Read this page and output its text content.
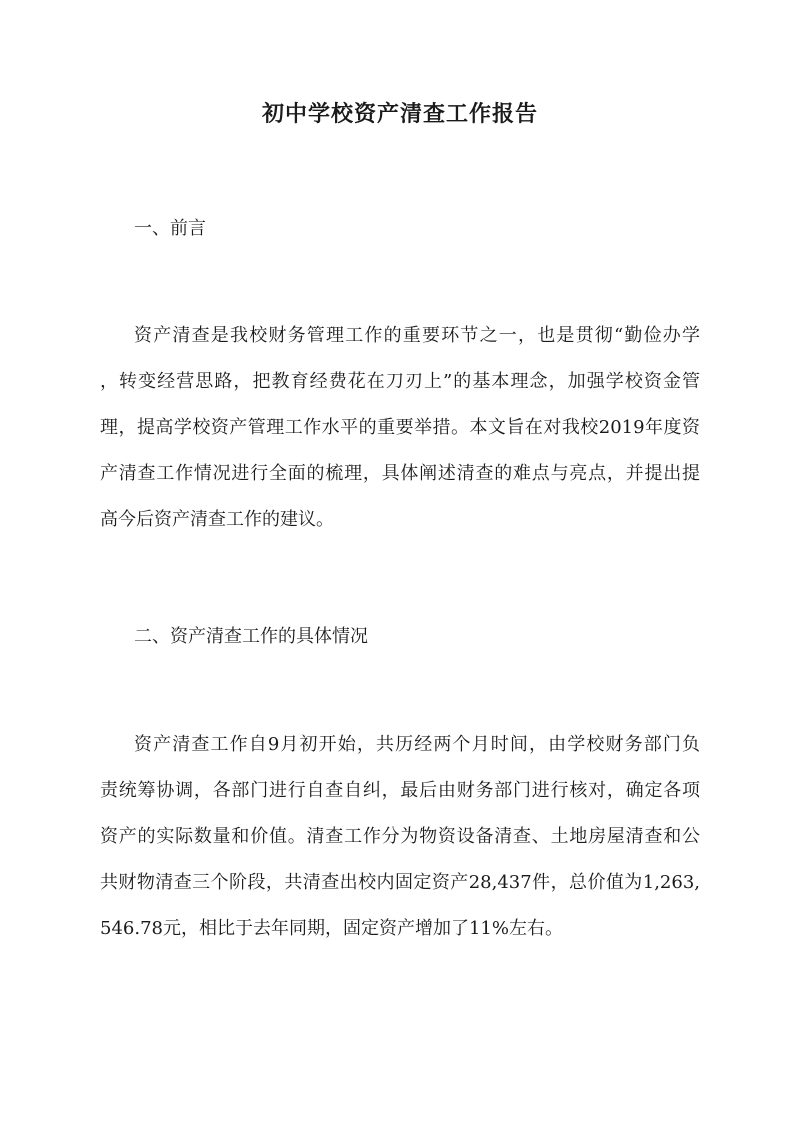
初中学校资产清查工作报告
一、前言
资产清查是我校财务管理工作的重要环节之一，也是贯彻“勤俭办学
，转变经营思路，把教育经费花在刀刃上”的基本理念，加强学校资金管
理，提高学校资产管理工作水平的重要举措。本文旨在对我校2019年度资
产清查工作情况进行全面的梳理，具体阐述清查的难点与亮点，并提出提
高今后资产清查工作的建议。
二、资产清查工作的具体情况
资产清查工作自9月初开始，共历经两个月时间，由学校财务部门负
责统筹协调，各部门进行自查自纠，最后由财务部门进行核对，确定各项
资产的实际数量和价值。清查工作分为物资设备清查、土地房屋清查和公
共财物清查三个阶段，共清查出校内固定资产28,437件，总价值为1,263,
546.78元，相比于去年同期，固定资产增加了11%左右。
